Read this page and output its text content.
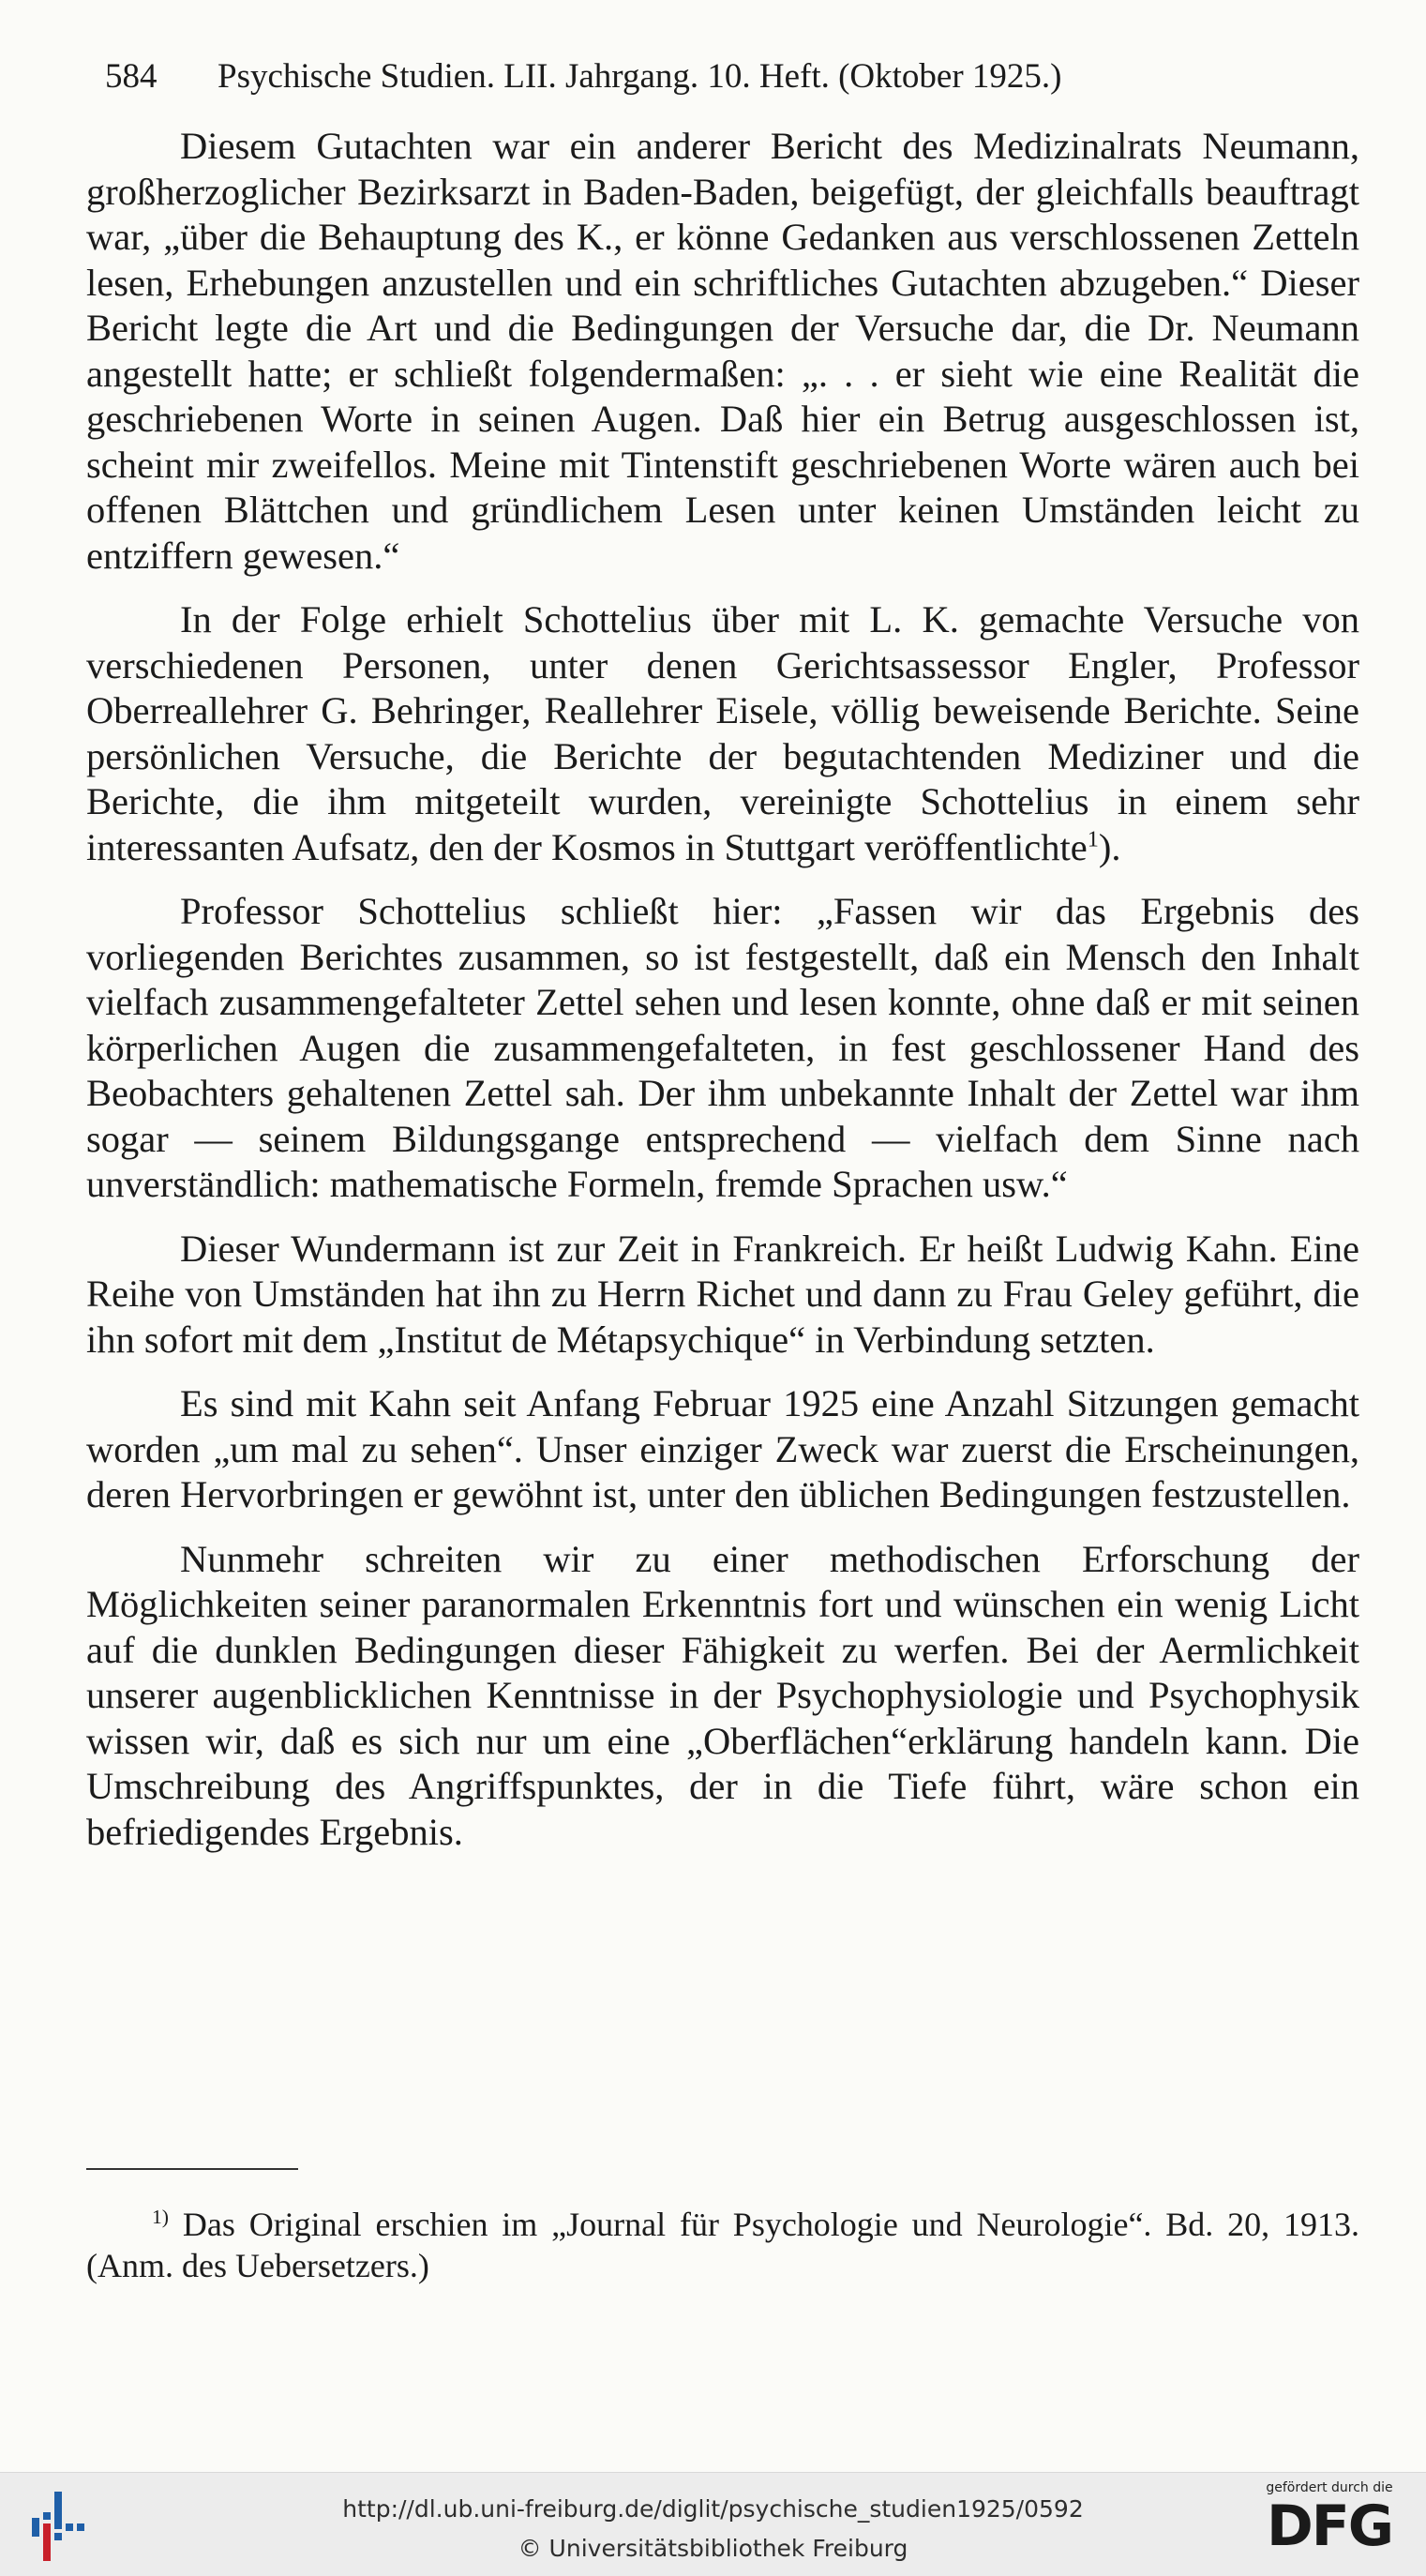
584 Psychische Studien. LII. Jahrgang. 10. Heft. (Oktober 1925.)

Diesem Gutachten war ein anderer Bericht des Medizinalrats Neumann, großherzoglicher Bezirksarzt in Baden-Baden, beigefügt, der gleichfalls beauftragt war, „über die Behauptung des K., er könne Gedanken aus verschlossenen Zetteln lesen, Erhebungen anzustellen und ein schriftliches Gutachten abzugeben.“ Dieser Bericht legte die Art und die Bedingungen der Versuche dar, die Dr. Neumann angestellt hatte; er schließt folgendermaßen: „. . . er sieht wie eine Realität die geschriebenen Worte in seinen Augen. Daß hier ein Betrug ausgeschlossen ist, scheint mir zweifellos. Meine mit Tintenstift geschriebenen Worte wären auch bei offenen Blättchen und gründlichem Lesen unter keinen Umständen leicht zu entziffern gewesen.“

In der Folge erhielt Schottelius über mit L. K. gemachte Versuche von verschiedenen Personen, unter denen Gerichtsassessor Engler, Professor Oberreallehrer G. Behringer, Reallehrer Eisele, völlig beweisende Berichte. Seine persönlichen Versuche, die Berichte der begutachtenden Mediziner und die Berichte, die ihm mitgeteilt wurden, vereinigte Schottelius in einem sehr interessanten Aufsatz, den der Kosmos in Stuttgart veröffentlichte$^1$).

Professor Schottelius schließt hier: „Fassen wir das Ergebnis des vorliegenden Berichtes zusammen, so ist festgestellt, daß ein Mensch den Inhalt vielfach zusammengefalteter Zettel sehen und lesen konnte, ohne daß er mit seinen körperlichen Augen die zusammengefalteten, in fest geschlossener Hand des Beobachters gehaltenen Zettel sah. Der ihm unbekannte Inhalt der Zettel war ihm sogar — seinem Bildungsgange entsprechend — vielfach dem Sinne nach unverständlich: mathematische Formeln, fremde Sprachen usw.“

Dieser Wundermann ist zur Zeit in Frankreich. Er heißt Ludwig Kahn. Eine Reihe von Umständen hat ihn zu Herrn Richet und dann zu Frau Geley geführt, die ihn sofort mit dem „Institut de Métapsychique“ in Verbindung setzten.

Es sind mit Kahn seit Anfang Februar 1925 eine Anzahl Sitzungen gemacht worden „um mal zu sehen“. Unser einziger Zweck war zuerst die Erscheinungen, deren Hervorbringen er gewöhnt ist, unter den üblichen Bedingungen festzustellen.

Nunmehr schreiten wir zu einer methodischen Erforschung der Möglichkeiten seiner paranormalen Erkenntnis fort und wünschen ein wenig Licht auf die dunklen Bedingungen dieser Fähigkeit zu werfen. Bei der Aermlichkeit unserer augenblicklichen Kenntnisse in der Psychophysiologie und Psychophysik wissen wir, daß es sich nur um eine „Oberflächen“erklärung handeln kann. Die Umschreibung des Angriffspunktes, der in die Tiefe führt, wäre schon ein befriedigendes Ergebnis.

$^{1)}$ Das Original erschien im „Journal für Psychologie und Neurologie“. Bd. 20, 1913. (Anm. des Uebersetzers.)
http://dl.ub.uni-freiburg.de/diglit/psychische_studien1925/0592
© Universitätsbibliothek Freiburg
gefördert durch die
DFG
